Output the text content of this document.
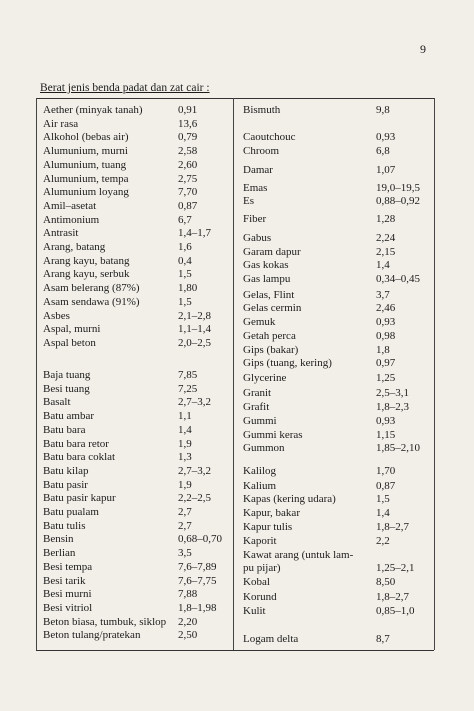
9
Berat jenis benda padat dan zat cair :
Aether (minyak tanah)	0,91
Air rasa	13,6
Alkohol (bebas air)	0,79
Alumunium, murni	2,58
Alumunium, tuang	2,60
Alumunium, tempa	2,75
Alumunium loyang	7,70
Amil–asetat	0,87
Antimonium	6,7
Antrasit	1,4–1,7
Arang, batang	1,6
Arang kayu, batang	0,4
Arang kayu, serbuk	1,5
Asam belerang (87%)	1,80
Asam sendawa (91%)	1,5
Asbes	2,1–2,8
Aspal, murni	1,1–1,4
Aspal beton	2,0–2,5
Baja tuang	7,85
Besi tuang	7,25
Basalt	2,7–3,2
Batu ambar	1,1
Batu bara	1,4
Batu bara retor	1,9
Batu bara coklat	1,3
Batu kilap	2,7–3,2
Batu pasir	1,9
Batu pasir kapur	2,2–2,5
Batu pualam	2,7
Batu tulis	2,7
Bensin	0,68–0,70
Berlian	3,5
Besi tempa	7,6–7,89
Besi tarik	7,6–7,75
Besi murni	7,88
Besi vitriol	1,8–1,98
Beton biasa, tumbuk, siklop 2,20
Beton tulang/pratekan	2,50
Bismuth	9,8
Caoutchouc	0,93
Chroom	6,8
Damar	1,07
Emas	19,0–19,5
Es	0,88–0,92
Fiber	1,28
Gabus	2,24
Garam dapur	2,15
Gas kokas	1,4
Gas lampu	0,34–0,45
Gelas, Flint	3,7
Gelas cermin	2,46
Gemuk	0,93
Getah perca	0,98
Gips (bakar)	1,8
Gips (tuang, kering)	0,97
Glycerine	1,25
Granit	2,5–3,1
Grafit	1,8–2,3
Gummi	0,93
Gummi keras	1,15
Gummon	1,85–2,10
Kalilog	1,70
Kalium	0,87
Kapas (kering udara)	1,5
Kapur, bakar	1,4
Kapur tulis	1,8–2,7
Kaporit	2,2
Kawat arang (untuk lam-
pu pijar)	1,25–2,1
Kobal	8,50
Korund	1,8–2,7
Kulit	0,85–1,0
Logam delta	8,7
